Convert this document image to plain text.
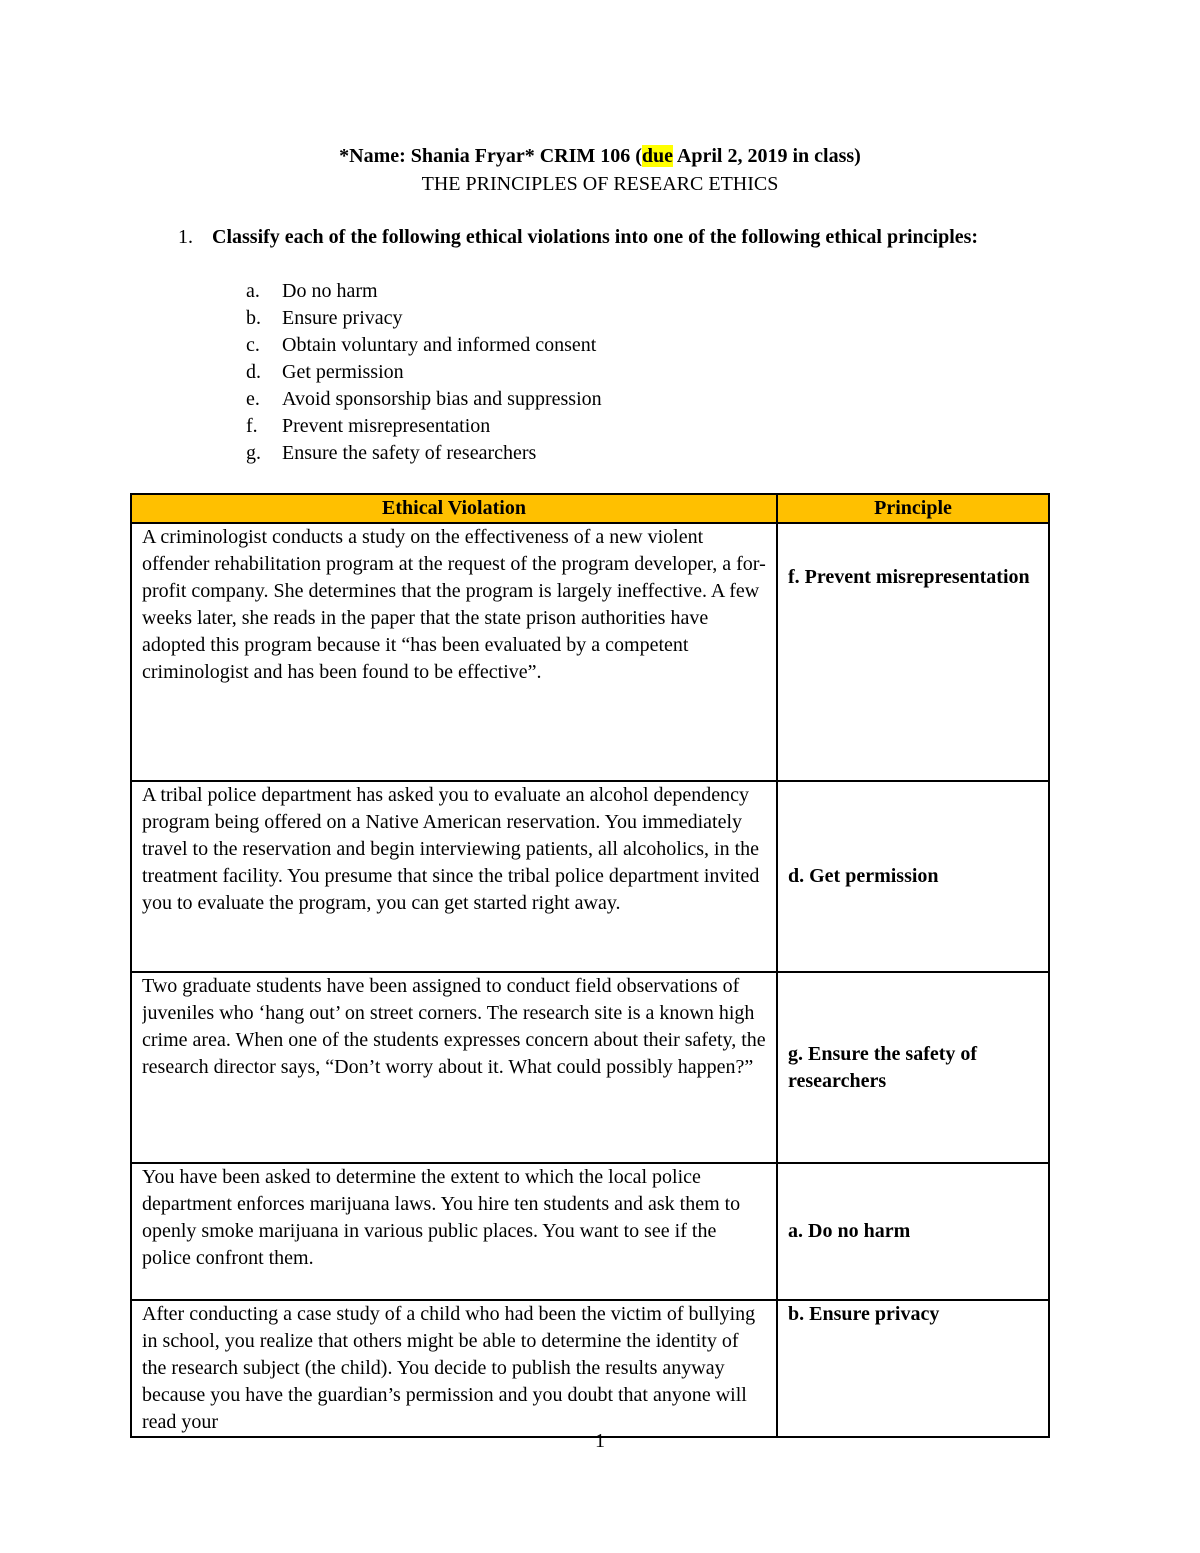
*Name: Shania Fryar* CRIM 106 (due April 2, 2019 in class)
THE PRINCIPLES OF RESEARC ETHICS
1. Classify each of the following ethical violations into one of the following ethical principles:
a. Do no harm
b. Ensure privacy
c. Obtain voluntary and informed consent
d. Get permission
e. Avoid sponsorship bias and suppression
f. Prevent misrepresentation
g. Ensure the safety of researchers
Ethical Violation	Principle

A criminologist conducts a study on the effectiveness of a new violent offender rehabilitation program at the request of the program developer, a for-profit company. She determines that the program is largely ineffective. A few weeks later, she reads in the paper that the state prison authorities have adopted this program because it “has been evaluated by a competent criminologist and has been found to be effective”.	f. Prevent misrepresentation

A tribal police department has asked you to evaluate an alcohol dependency program being offered on a Native American reservation. You immediately travel to the reservation and begin interviewing patients, all alcoholics, in the treatment facility. You presume that since the tribal police department invited you to evaluate the program, you can get started right away.	d. Get permission

Two graduate students have been assigned to conduct field observations of juveniles who ‘hang out’ on street corners. The research site is a known high crime area. When one of the students expresses concern about their safety, the research director says, “Don’t worry about it. What could possibly happen?”	g. Ensure the safety of researchers

You have been asked to determine the extent to which the local police department enforces marijuana laws. You hire ten students and ask them to openly smoke marijuana in various public places. You want to see if the police confront them.	a. Do no harm

After conducting a case study of a child who had been the victim of bullying in school, you realize that others might be able to determine the identity of the research subject (the child). You decide to publish the results anyway because you have the guardian’s permission and you doubt that anyone will read your	b. Ensure privacy
1
